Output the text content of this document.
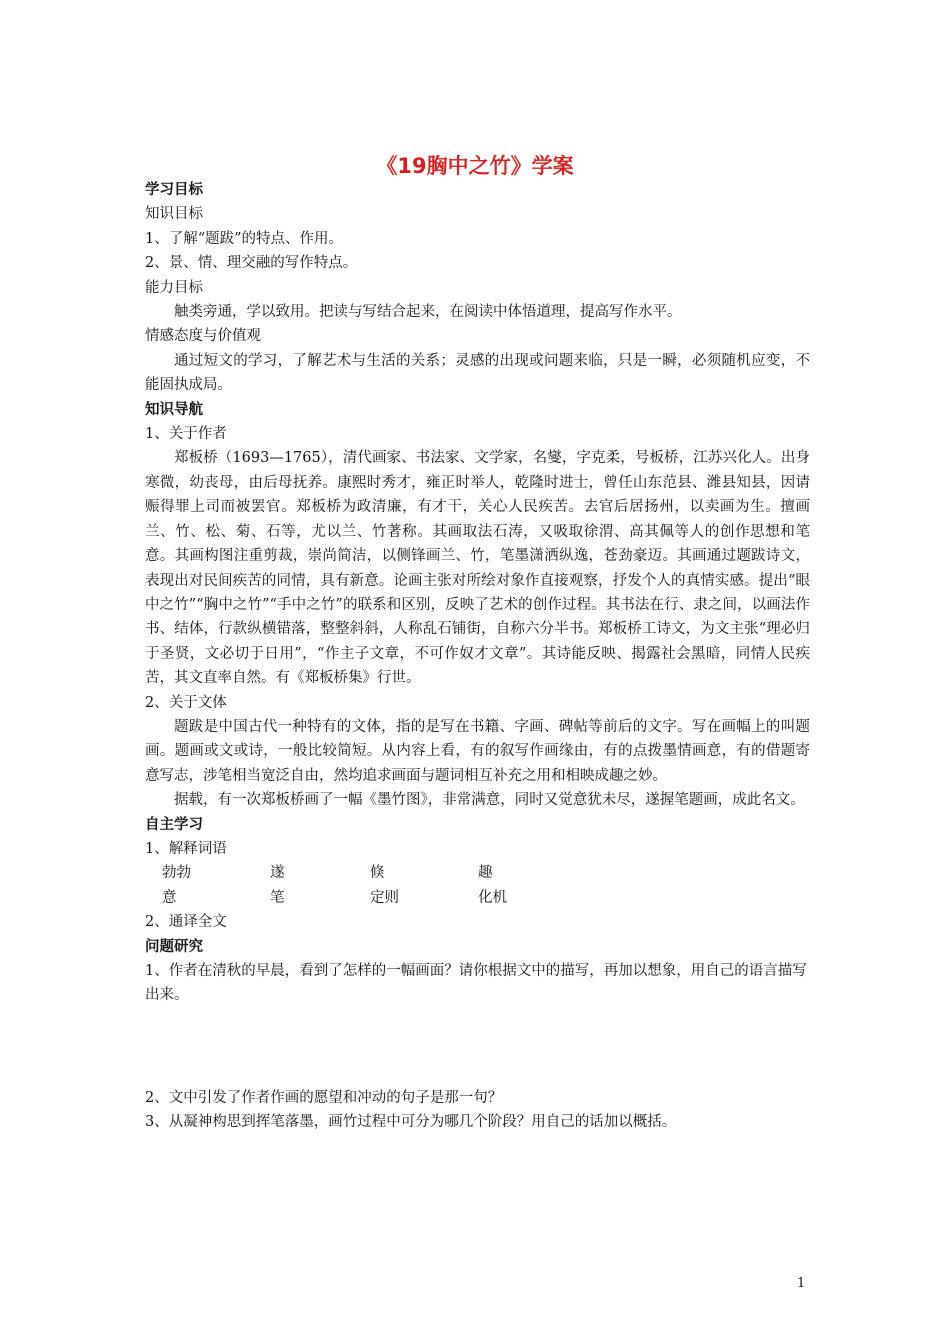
《19胸中之竹》学案

学习目标

知识目标

1、了解“题跋”的特点、作用。

2、景、情、理交融的写作特点。

能力目标

触类旁通，学以致用。把读与写结合起来，在阅读中体悟道理，提高写作水平。

情感态度与价值观

通过短文的学习，了解艺术与生活的关系；灵感的出现或问题来临，只是一瞬，必须随机应变，不能固执成局。

知识导航

1、关于作者

郑板桥（1693—1765），清代画家、书法家、文学家，名燮，字克柔，号板桥，江苏兴化人。出身寒微，幼丧母，由后母抚养。康熙时秀才，雍正时举人，乾隆时进士，曾任山东范县、潍县知县，因请赈得罪上司而被罢官。郑板桥为政清廉，有才干，关心人民疾苦。去官后居扬州，以卖画为生。擅画兰、竹、松、菊、石等，尤以兰、竹著称。其画取法石涛，又吸取徐渭、高其佩等人的创作思想和笔意。其画构图注重剪裁，崇尚简洁，以侧锋画兰、竹，笔墨潇洒纵逸，苍劲豪迈。其画通过题跋诗文，表现出对民间疾苦的同情，具有新意。论画主张对所绘对象作直接观察，抒发个人的真情实感。提出“眼中之竹”“胸中之竹”“手中之竹”的联系和区别，反映了艺术的创作过程。其书法在行、隶之间，以画法作书、结体，行款纵横错落，整整斜斜，人称乱石铺街，自称六分半书。郑板桥工诗文，为文主张“理必归于圣贤，文必切于日用”，“作主子文章，不可作奴才文章”。其诗能反映、揭露社会黑暗，同情人民疾苦，其文直率自然。有《郑板桥集》行世。

2、关于文体

题跋是中国古代一种特有的文体，指的是写在书籍、字画、碑帖等前后的文字。写在画幅上的叫题画。题画或文或诗，一般比较简短。从内容上看，有的叙写作画缘由，有的点拨墨情画意，有的借题寄意写志，涉笔相当宽泛自由，然均追求画面与题词相互补充之用和相映成趣之妙。

据载，有一次郑板桥画了一幅《墨竹图》，非常满意，同时又觉意犹未尽，遂握笔题画，成此名文。

自主学习

1、解释词语

勃勃	遂	倏	趣
意	笔	定则	化机

2、通译全文

问题研究

1、作者在清秋的早晨，看到了怎样的一幅画面？请你根据文中的描写，再加以想象，用自己的语言描写出来。

2、文中引发了作者作画的愿望和冲动的句子是那一句？

3、从凝神构思到挥笔落墨，画竹过程中可分为哪几个阶段？用自己的话加以概括。

1
